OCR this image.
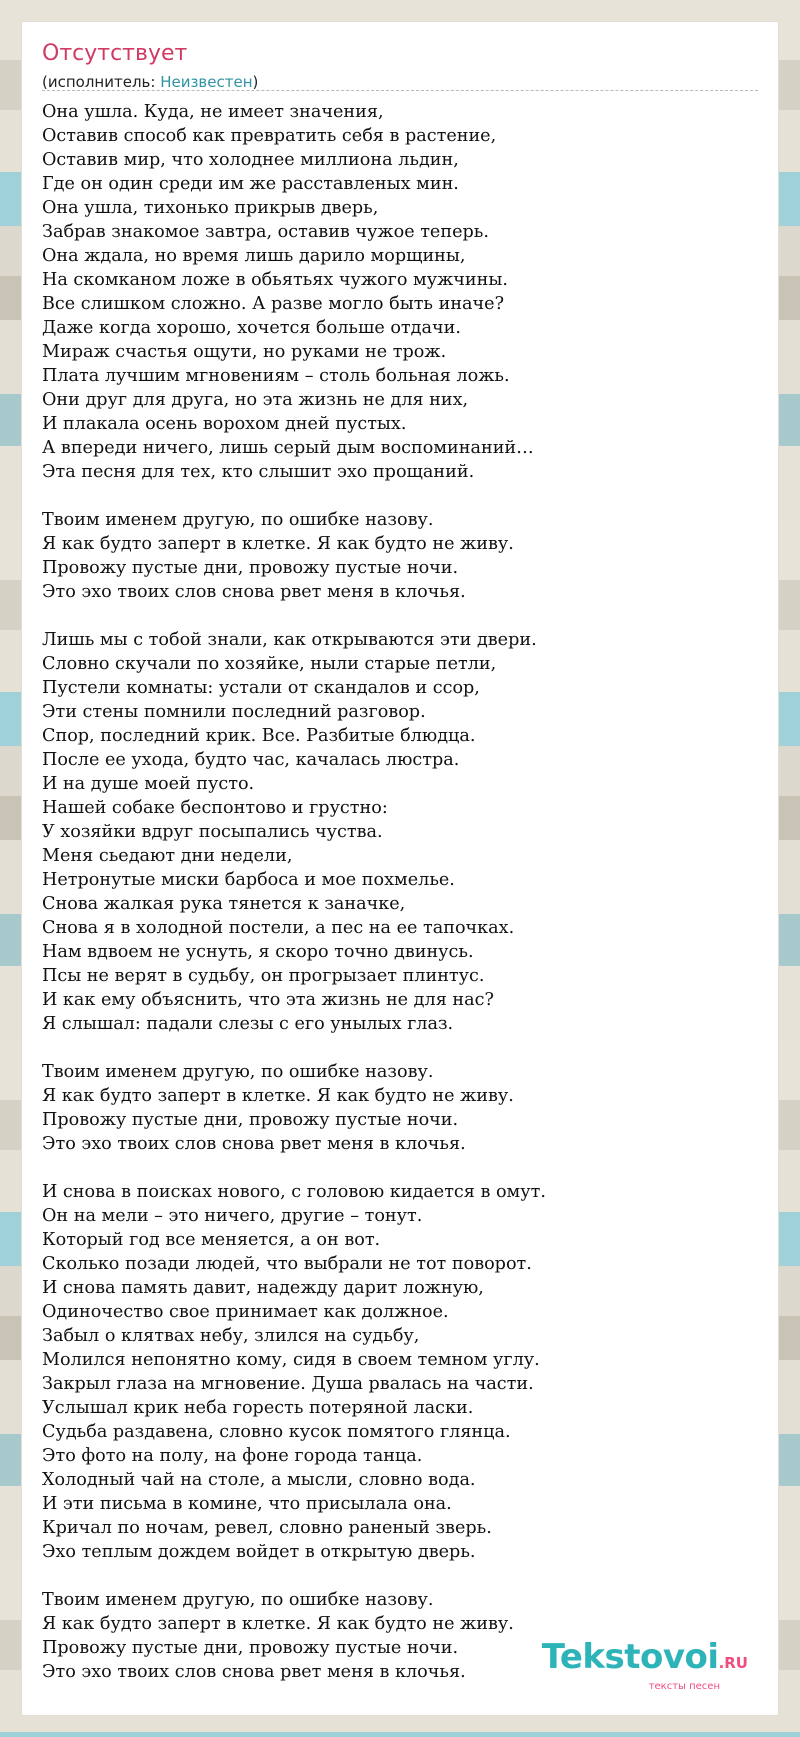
Отсутствует
(исполнитель: Неизвестен)
Она ушла. Куда, не имеет значения,
Оставив способ как превратить себя в растение,
Оставив мир, что холоднее миллиона льдин,
Где он один среди им же расставленых мин.
Она ушла, тихонько прикрыв дверь,
Забрав знакомое завтра, оставив чужое теперь.
Она ждала, но время лишь дарило морщины,
На скомканом ложе в обьятьях чужого мужчины.
Все слишком сложно. А разве могло быть иначе?
Даже когда хорошо, хочется больше отдачи.
Мираж счастья ощути, но руками не трож.
Плата лучшим мгновениям – столь больная ложь.
Они друг для друга, но эта жизнь не для них,
И плакала осень ворохом дней пустых.
А впереди ничего, лишь серый дым воспоминаний…
Эта песня для тех, кто слышит эхо прощаний.
Твоим именем другую, по ошибке назову.
Я как будто заперт в клетке. Я как будто не живу.
Провожу пустые дни, провожу пустые ночи.
Это эхо твоих слов снова рвет меня в клочья.
Лишь мы с тобой знали, как открываются эти двери.
Словно скучали по хозяйке, ныли старые петли,
Пустели комнаты: устали от скандалов и ссор,
Эти стены помнили последний разговор.
Спор, последний крик. Все. Разбитые блюдца.
После ее ухода, будто час, качалась люстра.
И на душе моей пусто.
Нашей собаке беспонтово и грустно:
У хозяйки вдруг посыпались чуства.
Меня сьедают дни недели,
Нетронутые миски барбоса и мое похмелье.
Снова жалкая рука тянется к заначке,
Снова я в холодной постели, а пес на ее тапочках.
Нам вдвоем не уснуть, я скоро точно двинусь.
Псы не верят в судьбу, он прогрызает плинтус.
И как ему объяснить, что эта жизнь не для нас?
Я слышал: падали слезы с его унылых глаз.
Твоим именем другую, по ошибке назову.
Я как будто заперт в клетке. Я как будто не живу.
Провожу пустые дни, провожу пустые ночи.
Это эхо твоих слов снова рвет меня в клочья.
И снова в поисках нового, с головою кидается в омут.
Он на мели – это ничего, другие – тонут.
Который год все меняется, а он вот.
Сколько позади людей, что выбрали не тот поворот.
И снова память давит, надежду дарит ложную,
Одиночество свое принимает как должное.
Забыл о клятвах небу, злился на судьбу,
Молился непонятно кому, сидя в своем темном углу.
Закрыл глаза на мгновение. Душа рвалась на части.
Услышал крик неба горесть потеряной ласки.
Судьба раздавена, словно кусок помятого глянца.
Это фото на полу, на фоне города танца.
Холодный чай на столе, а мысли, словно вода.
И эти письма в комине, что присылала она.
Кричал по ночам, ревел, словно раненый зверь.
Эхо теплым дождем войдет в открытую дверь.
Твоим именем другую, по ошибке назову.
Я как будто заперт в клетке. Я как будто не живу.
Провожу пустые дни, провожу пустые ночи.
Это эхо твоих слов снова рвет меня в клочья.	Tekstovoi.RU
тексты песен
